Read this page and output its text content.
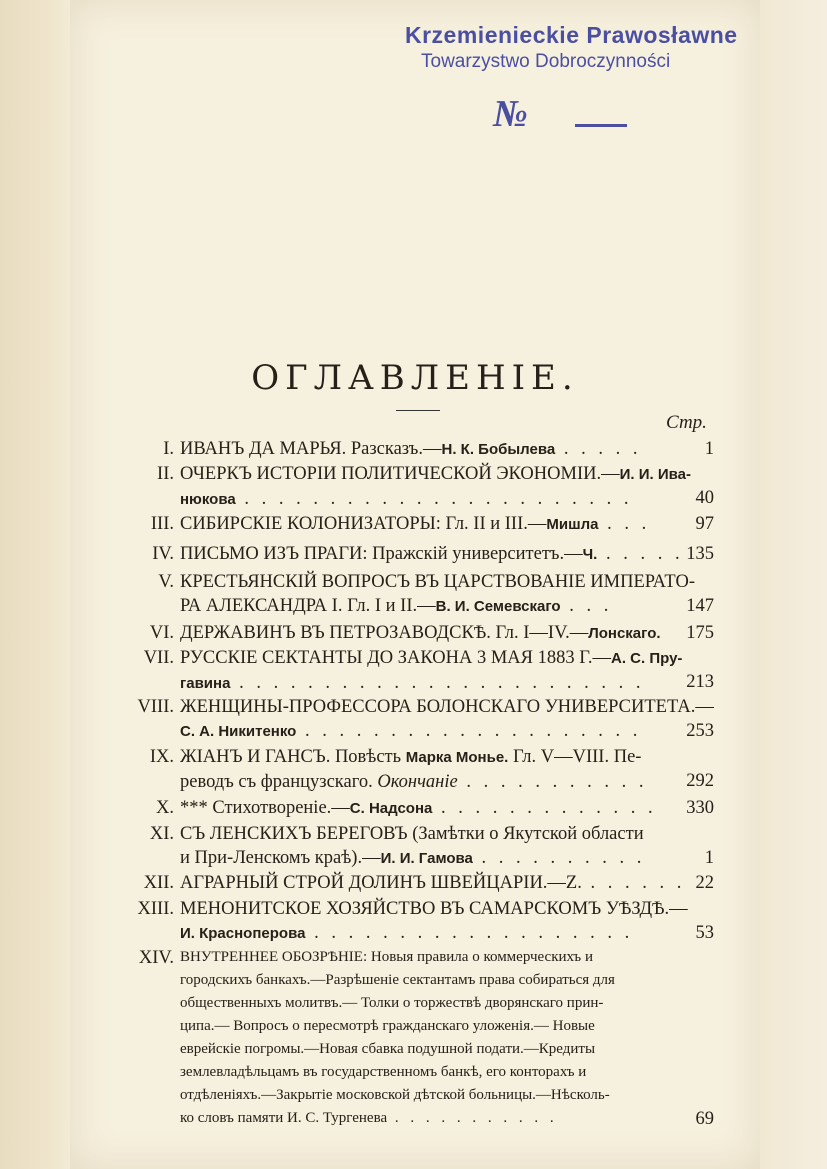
Krzemienieckie Prawosławne
Towarzystwo Dobroczynności
№
ОГЛАВЛЕНІЕ.
Стр.
I. ИВАНЪ ДА МАРЬЯ. Разсказъ.—Н. К. Бобылева . . . . .	1
II. ОЧЕРКЪ ИСТОРІИ ПОЛИТИЧЕСКОЙ ЭКОНОМІИ.—И. И. Ива-
нюкова . . . . . . . . . . . . . . . . . . . . . . .	40
III. СИБИРСКІЕ КОЛОНИЗАТОРЫ: Гл. II и III.—Мишла . . .	97
IV. ПИСЬМО ИЗЪ ПРАГИ: Пражскій университетъ.—Ч. . . . . . 135
V. КРЕСТЬЯНСКІЙ ВОПРОСЪ ВЪ ЦАРСТВОВАНІЕ ИМПЕРАТО-
РА АЛЕКСАНДРА I. Гл. I и II.—В. И. Семевскаго . . .	147
VI. ДЕРЖАВИНЪ ВЪ ПЕТРОЗАВОДСКѢ. Гл. I—IV.—Лонскаго. 175
VII. РУССКІЕ СЕКТАНТЫ ДО ЗАКОНА 3 МАЯ 1883 Г.—А. С. Пру-
гавина . . . . . . . . . . . . . . . . . . . . . . . .	213
VIII. ЖЕНЩИНЫ-ПРОФЕССОРА БОЛОНСКАГО УНИВЕРСИТЕТА.—
С. А. Никитенко . . . . . . . . . . . . . . . . . . . .	253
IX. ЖІАНЪ И ГАНСЪ. Повѣсть Марка Монье. Гл. V—VIII. Пе-
реводъ съ французскаго. Окончаніе . . . . . . . . . . .	292
X. *** Стихотвореніе.—С. Надсона . . . . . . . . . . . . . 330
XI. СЪ ЛЕНСКИХЪ БЕРЕГОВЪ (Замѣтки о Якутской области
и При-Ленскомъ краѣ).—И. И. Гамова . . . . . . . . . .	1
XII. АГРАРНЫЙ СТРОЙ ДОЛИНЪ ШВЕЙЦАРІИ.—Z. . . . . . . 22
XIII. МЕНОНИТСКОЕ ХОЗЯЙСТВО ВЪ САМАРСКОМЪ УѢЗДѢ.—
И. Красноперова . . . . . . . . . . . . . . . . . . .	53
XIV. ВНУТРЕННЕЕ ОБОЗРѢНІЕ: Новыя правила о коммерческихъ и
городскихъ банкахъ.—Разрѣшеніе сектантамъ права собираться для
общественныхъ молитвъ.— Толки о торжествѣ дворянскаго прин-
ципа.— Вопросъ о пересмотрѣ гражданскаго уложенія.— Новые
еврейскіе погромы.—Новая сбавка подушной подати.—Кредиты
землевладѣльцамъ въ государственномъ банкѣ, его конторахъ и
отдѣленіяхъ.—Закрытіе московской дѣтской больницы.—Нѣсколь-
ко словъ памяти И. С. Тургенева . . . . . . . . . . .	69
